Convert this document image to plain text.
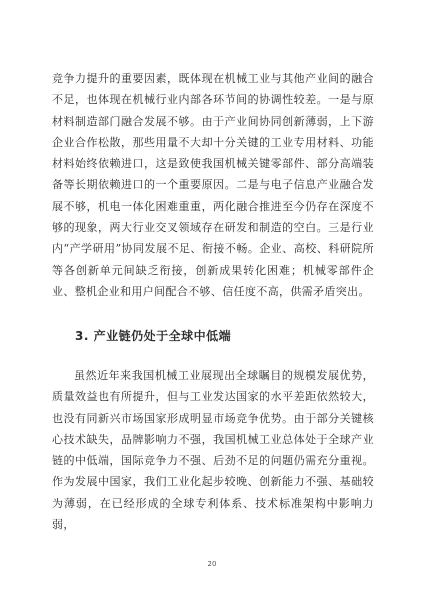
竞争力提升的重要因素，既体现在机械工业与其他产业间的融合不足，也体现在机械行业内部各环节间的协调性较差。一是与原材料制造部门融合发展不够。由于产业间协同创新薄弱，上下游企业合作松散，那些用量不大却十分关键的工业专用材料、功能材料始终依赖进口，这是致使我国机械关键零部件、部分高端装备等长期依赖进口的一个重要原因。二是与电子信息产业融合发展不够，机电一体化困难重重，两化融合推进至今仍存在深度不够的现象，两大行业交叉领域存在研发和制造的空白。三是行业内“产学研用”协同发展不足、衔接不畅。企业、高校、科研院所等各创新单元间缺乏衔接，创新成果转化困难；机械零部件企业、整机企业和用户间配合不够、信任度不高，供需矛盾突出。

3. 产业链仍处于全球中低端

虽然近年来我国机械工业展现出全球瞩目的规模发展优势，质量效益也有所提升，但与工业发达国家的水平差距依然较大，也没有同新兴市场国家形成明显市场竞争优势。由于部分关键核心技术缺失，品牌影响力不强，我国机械工业总体处于全球产业链的中低端，国际竞争力不强、后劲不足的问题仍需充分重视。作为发展中国家，我们工业化起步较晚、创新能力不强、基础较为薄弱，在已经形成的全球专利体系、技术标准架构中影响力弱，

20
